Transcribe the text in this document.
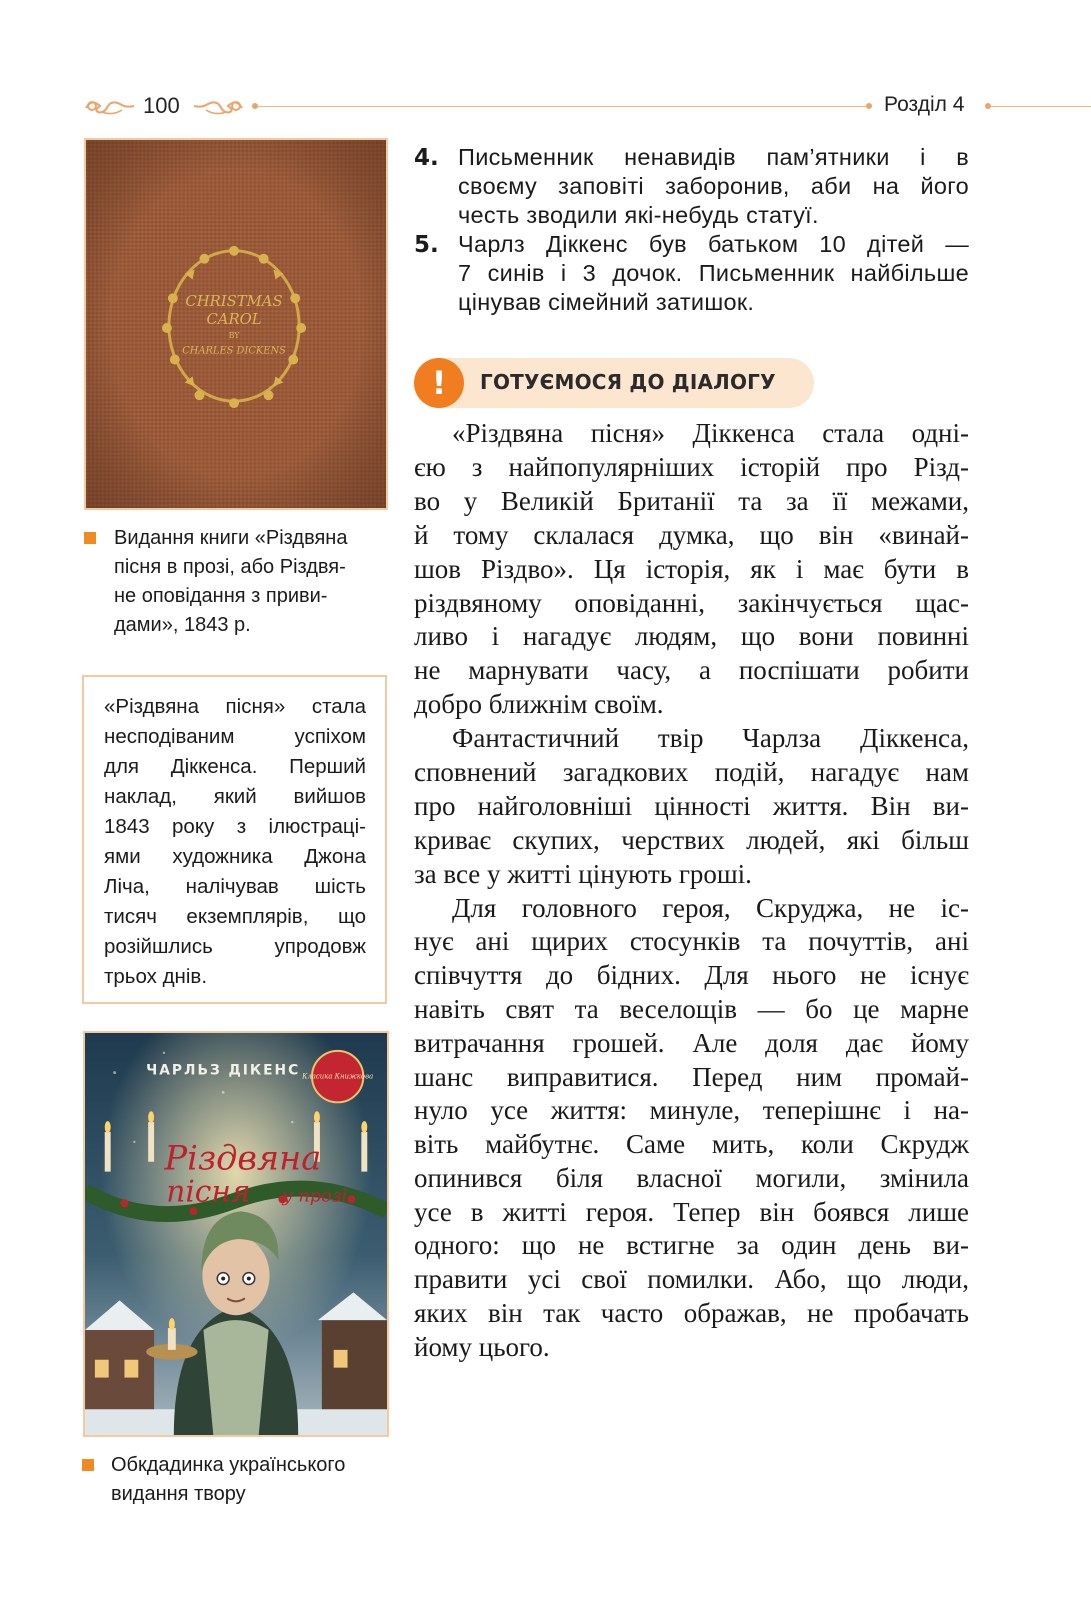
100	Розділ 4
CHRISTMAS
CAROL
BY
CHARLES DICKENS
Видання книги «Різдвяна
пісня в прозі, або Різдвя-
не оповідання з приви-
дами», 1843 р.
«Різдвяна пісня» стала
несподіваним успіхом
для Діккенса. Перший
наклад, який вийшов
1843 року з ілюстраці-
ями художника Джона
Ліча, налічував шість
тисяч екземплярів, що
розійшлись упродовж
трьох днів.
ЧАРЛЬЗ ДІКЕНС Класика Книжкова
Різдвяна
пісня у прозі
Обкдадинка українського
видання твору
4. Письменник ненавидів пам’ятники і в
своєму заповіті заборонив, аби на його
честь зводили які-небудь статуї.
5. Чарлз Діккенс був батьком 10 дітей —
7 синів і 3 дочок. Письменник найбільше
цінував сімейний затишок.
!	ГОТУЄМОСЯ ДО ДІАЛОГУ
«Різдвяна пісня» Діккенса стала одні-
єю з найпопулярніших історій про Різд-
во у Великій Британії та за її межами,
й тому склалася думка, що він «винай-
шов Різдво». Ця історія, як і має бути в
різдвяному оповіданні, закінчується щас-
ливо і нагадує людям, що вони повинні
не марнувати часу, а поспішати робити
добро ближнім своїм.
Фантастичний твір Чарлза Діккенса,
сповнений загадкових подій, нагадує нам
про найголовніші цінності життя. Він ви-
криває скупих, черствих людей, які більш
за все у житті цінують гроші.
Для головного героя, Скруджа, не іс-
нує ані щирих стосунків та почуттів, ані
співчуття до бідних. Для нього не існує
навіть свят та веселощів — бо це марне
витрачання грошей. Але доля дає йому
шанс виправитися. Перед ним промай-
нуло усе життя: минуле, теперішнє і на-
віть майбутнє. Саме мить, коли Скрудж
опинився біля власної могили, змінила
усе в житті героя. Тепер він боявся лише
одного: що не встигне за один день ви-
правити усі свої помилки. Або, що люди,
яких він так часто ображав, не пробачать
йому цього.
